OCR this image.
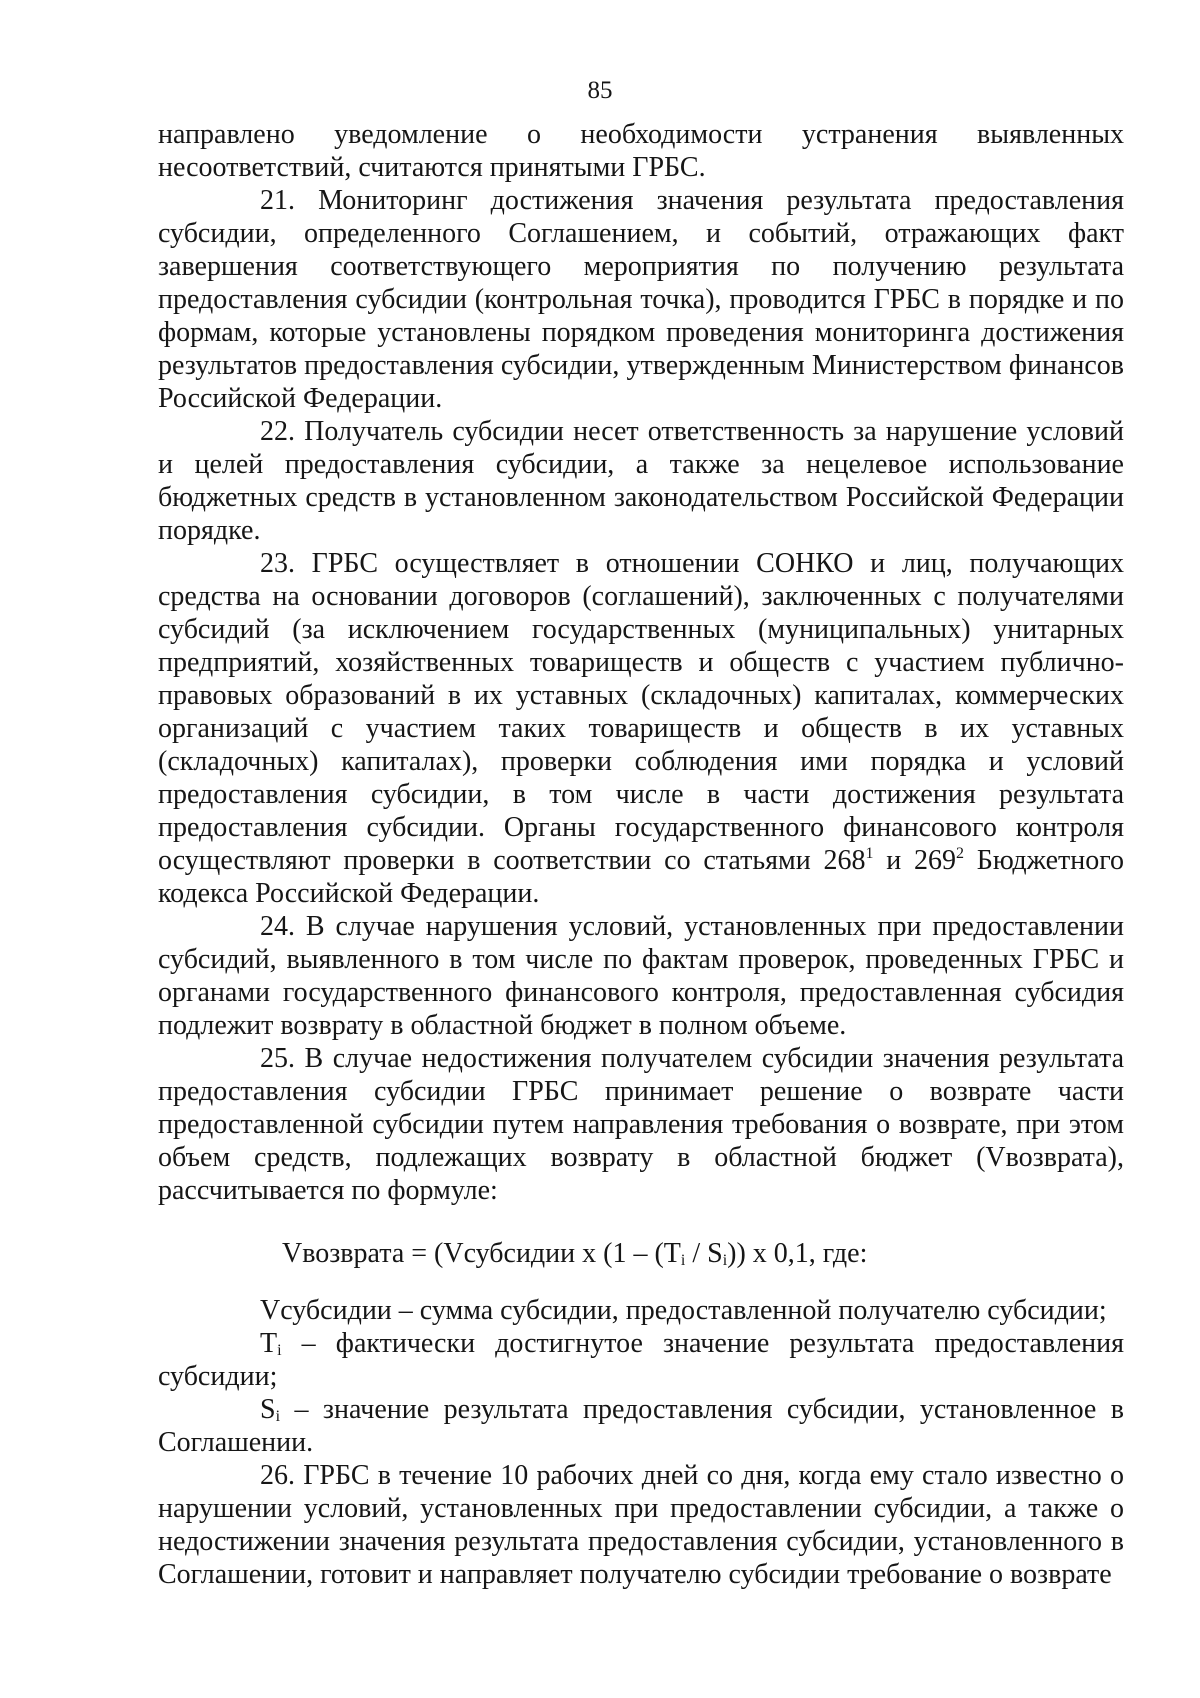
85

направлено уведомление о необходимости устранения выявленных несоответствий, считаются принятыми ГРБС.

21. Мониторинг достижения значения результата предоставления субсидии, определенного Соглашением, и событий, отражающих факт завершения соответствующего мероприятия по получению результата предоставления субсидии (контрольная точка), проводится ГРБС в порядке и по формам, которые установлены порядком проведения мониторинга достижения результатов предоставления субсидии, утвержденным Министерством финансов Российской Федерации.

22. Получатель субсидии несет ответственность за нарушение условий и целей предоставления субсидии, а также за нецелевое использование бюджетных средств в установленном законодательством Российской Федерации порядке.

23. ГРБС осуществляет в отношении СОНКО и лиц, получающих средства на основании договоров (соглашений), заключенных с получателями субсидий (за исключением государственных (муниципальных) унитарных предприятий, хозяйственных товариществ и обществ с участием публично-правовых образований в их уставных (складочных) капиталах, коммерческих организаций с участием таких товариществ и обществ в их уставных (складочных) капиталах), проверки соблюдения ими порядка и условий предоставления субсидии, в том числе в части достижения результата предоставления субсидии. Органы государственного финансового контроля осуществляют проверки в соответствии со статьями $268^1$ и $269^2$ Бюджетного кодекса Российской Федерации.

24. В случае нарушения условий, установленных при предоставлении субсидий, выявленного в том числе по фактам проверок, проведенных ГРБС и органами государственного финансового контроля, предоставленная субсидия подлежит возврату в областной бюджет в полном объеме.

25. В случае недостижения получателем субсидии значения результата предоставления субсидии ГРБС принимает решение о возврате части предоставленной субсидии путем направления требования о возврате, при этом объем средств, подлежащих возврату в областной бюджет (Vвозврата), рассчитывается по формуле:

Vвозврата = (Vсубсидии x $(1 - (T_i / S_i))$ x 0,1, где:

Vсубсидии – сумма субсидии, предоставленной получателю субсидии;

$T_i$ – фактически достигнутое значение результата предоставления субсидии;

$S_i$ – значение результата предоставления субсидии, установленное в Соглашении.

26. ГРБС в течение 10 рабочих дней со дня, когда ему стало известно о нарушении условий, установленных при предоставлении субсидии, а также о недостижении значения результата предоставления субсидии, установленного в Соглашении, готовит и направляет получателю субсидии требование о возврате
